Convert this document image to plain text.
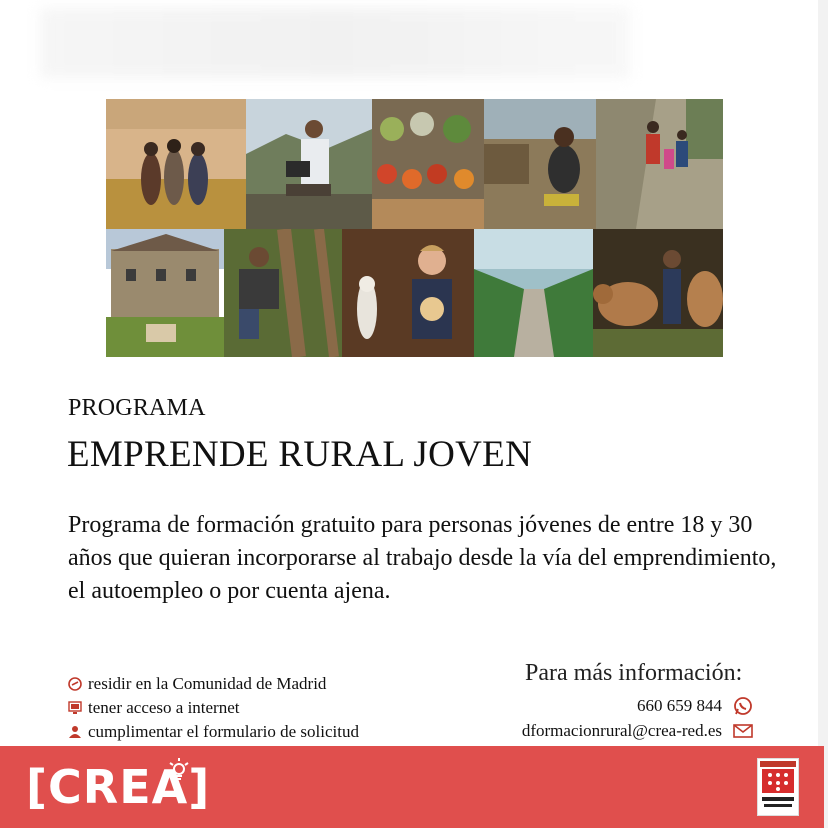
PROGRAMA
EMPRENDE RURAL JOVEN
Programa de formación gratuito para personas jóvenes de entre 18 y 30 años que quieran incorporarse al trabajo desde la vía del emprendimiento, el autoempleo o por cuenta ajena.
residir en la Comunidad de Madrid
tener acceso a internet
cumplimentar el formulario de solicitud
Para más información:
660 659 844
dformacionrural@crea-red.es
[CREA]
